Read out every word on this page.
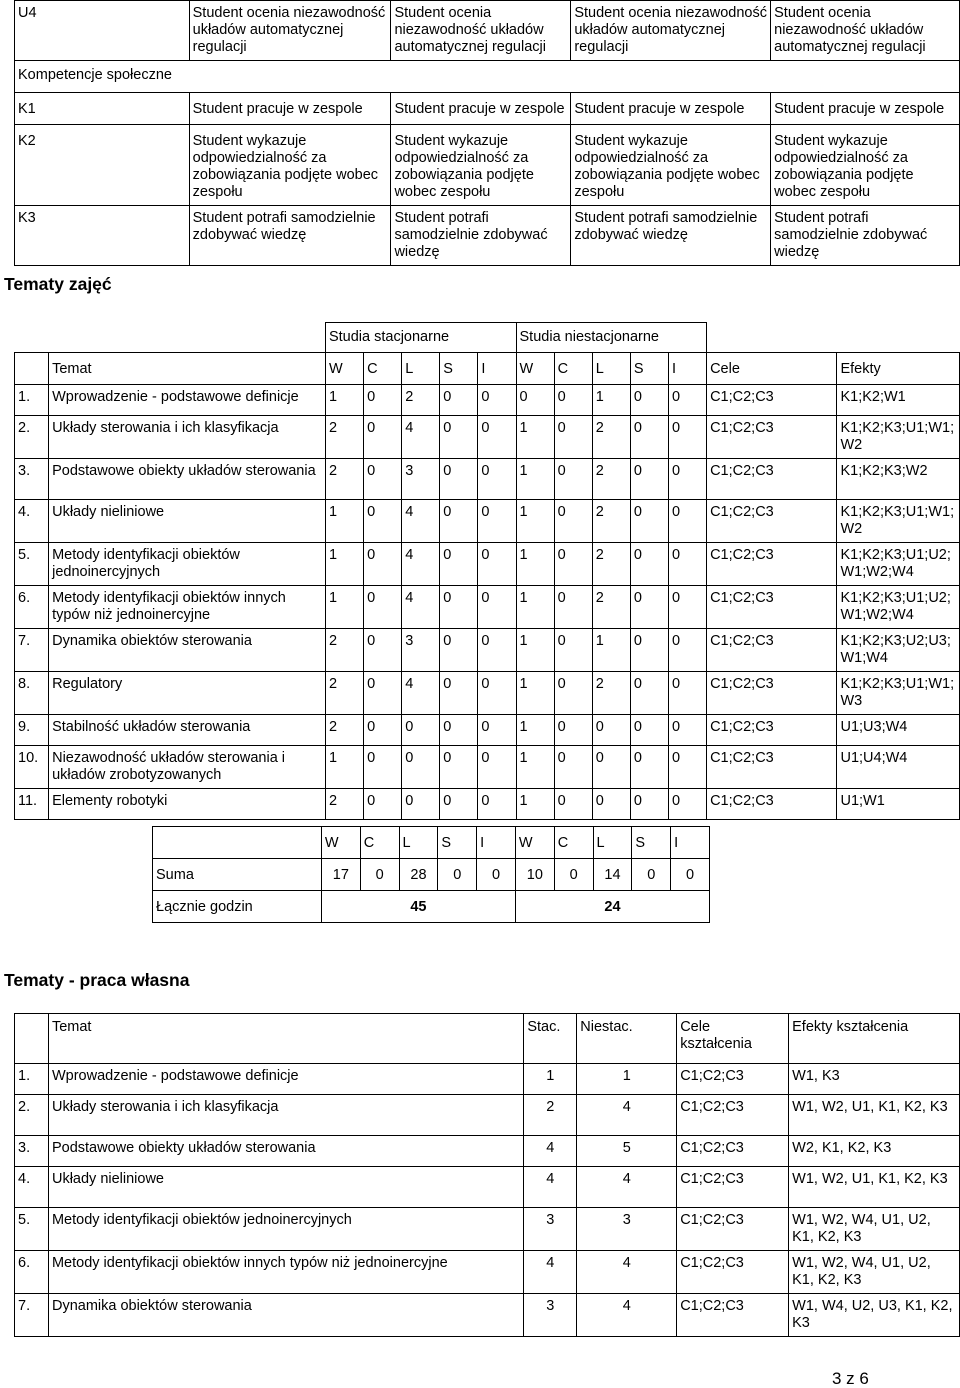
U4	Student ocenia niezawodność układów automatycznej regulacji	Student ocenia niezawodność układów automatycznej regulacji	Student ocenia niezawodność układów automatycznej regulacji	Student ocenia niezawodność układów automatycznej regulacji
Kompetencje społeczne				
K1	Student pracuje w zespole	Student pracuje w zespole	Student pracuje w zespole	Student pracuje w zespole
K2	Student wykazuje odpowiedzialność za zobowiązania podjęte wobec zespołu	Student wykazuje odpowiedzialność za zobowiązania podjęte wobec zespołu	Student wykazuje odpowiedzialność za zobowiązania podjęte wobec zespołu	Student wykazuje odpowiedzialność za zobowiązania podjęte wobec zespołu
K3	Student potrafi samodzielnie zdobywać wiedzę	Student potrafi samodzielnie zdobywać wiedzę	Student potrafi samodzielnie zdobywać wiedzę	Student potrafi samodzielnie zdobywać wiedzę
Tematy zajęć
		Studia stacjonarne					Studia niestacjonarne						
	Temat	W	C	L	S	I	W	C	L	S	I	Cele	Efekty
1.	Wprowadzenie - podstawowe definicje	1	0	2	0	0	0	0	1	0	0	C1;C2;C3	K1;K2;W1
2.	Układy sterowania i ich klasyfikacja	2	0	4	0	0	1	0	2	0	0	C1;C2;C3	K1;K2;K3;U1;W1;W2
3.	Podstawowe obiekty układów sterowania	2	0	3	0	0	1	0	2	0	0	C1;C2;C3	K1;K2;K3;W2
4.	Układy nieliniowe	1	0	4	0	0	1	0	2	0	0	C1;C2;C3	K1;K2;K3;U1;W1;W2
5.	Metody identyfikacji obiektów jednoinercyjnych	1	0	4	0	0	1	0	2	0	0	C1;C2;C3	K1;K2;K3;U1;U2;W1;W2;W4
6.	Metody identyfikacji obiektów innych typów niż jednoinercyjne	1	0	4	0	0	1	0	2	0	0	C1;C2;C3	K1;K2;K3;U1;U2;W1;W2;W4
7.	Dynamika obiektów sterowania	2	0	3	0	0	1	0	1	0	0	C1;C2;C3	K1;K2;K3;U2;U3;W1;W4
8.	Regulatory	2	0	4	0	0	1	0	2	0	0	C1;C2;C3	K1;K2;K3;U1;W1;W3
9.	Stabilność układów sterowania	2	0	0	0	0	1	0	0	0	0	C1;C2;C3	U1;U3;W4
10.	Niezawodność układów sterowania i układów zrobotyzowanych	1	0	0	0	0	1	0	0	0	0	C1;C2;C3	U1;U4;W4
11.	Elementy robotyki	2	0	0	0	0	1	0	0	0	0	C1;C2;C3	U1;W1
	W	C	L	S	I	W	C	L	S	I
Suma	17	0	28	0	0	10	0	14	0	0
Łącznie godzin	45					24				
Tematy - praca własna
	Temat	Stac.	Niestac.	Cele kształcenia	Efekty kształcenia
1.	Wprowadzenie - podstawowe definicje	1	1	C1;C2;C3	W1, K3
2.	Układy sterowania i ich klasyfikacja	2	4	C1;C2;C3	W1, W2, U1, K1, K2, K3
3.	Podstawowe obiekty układów sterowania	4	5	C1;C2;C3	W2, K1, K2, K3
4.	Układy nieliniowe	4	4	C1;C2;C3	W1, W2, U1, K1, K2, K3
5.	Metody identyfikacji obiektów jednoinercyjnych	3	3	C1;C2;C3	W1, W2, W4, U1, U2, K1, K2, K3
6.	Metody identyfikacji obiektów innych typów niż jednoinercyjne	4	4	C1;C2;C3	W1, W2, W4, U1, U2, K1, K2, K3
7.	Dynamika obiektów sterowania	3	4	C1;C2;C3	W1, W4, U2, U3, K1, K2, K3
3 z 6
